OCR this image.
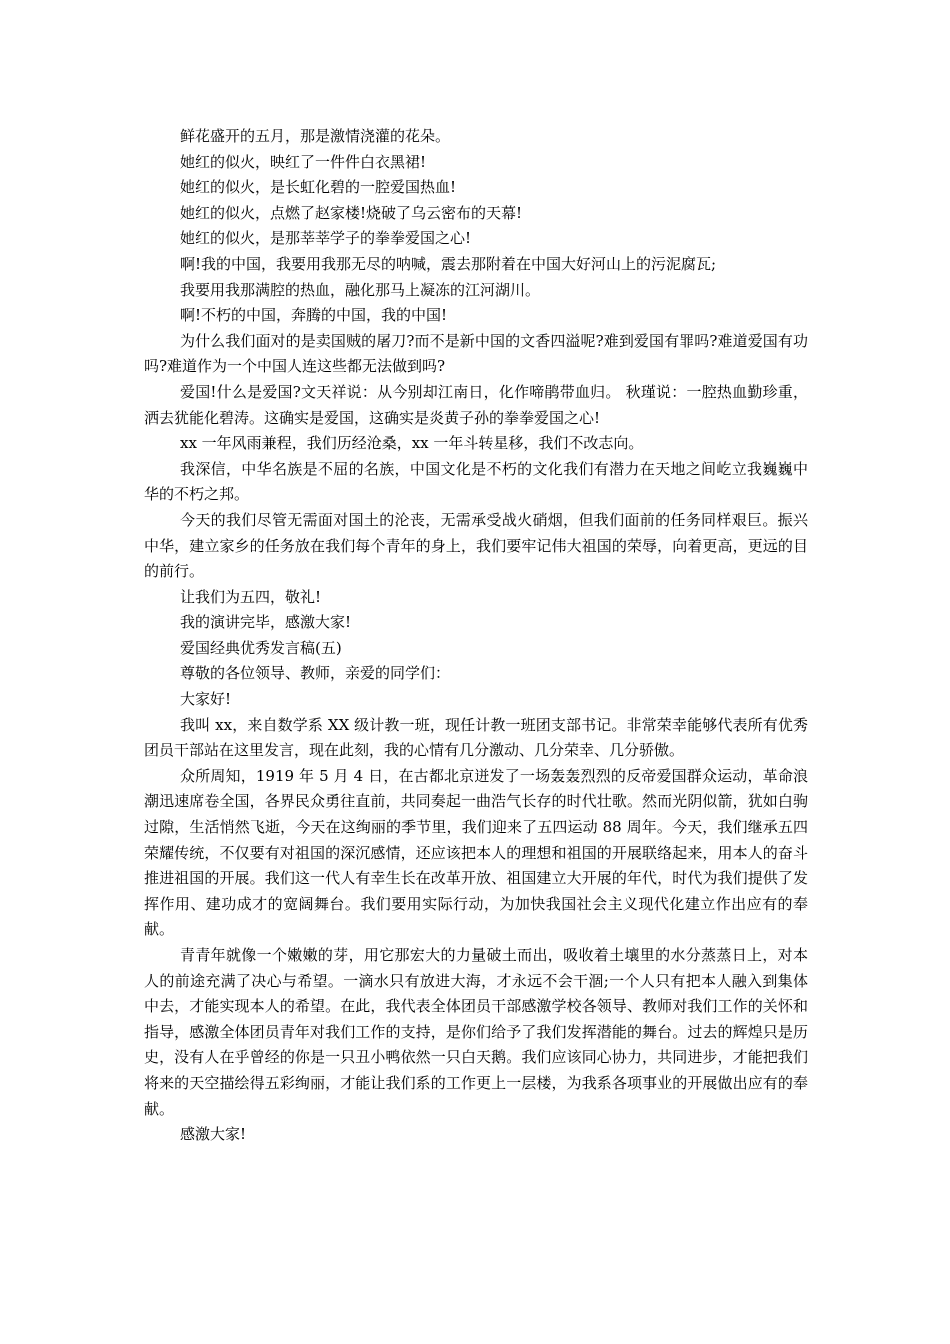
鲜花盛开的五月，那是激情浇灌的花朵。

她红的似火，映红了一件件白衣黑裙!

她红的似火，是长虹化碧的一腔爱国热血!

她红的似火，点燃了赵家楼!烧破了乌云密布的天幕!

她红的似火，是那莘莘学子的拳拳爱国之心!

啊!我的中国，我要用我那无尽的呐喊，震去那附着在中国大好河山上的污泥腐瓦;

我要用我那满腔的热血，融化那马上凝冻的江河湖川。

啊!不朽的中国，奔腾的中国，我的中国!

为什么我们面对的是卖国贼的屠刀?而不是新中国的文香四溢呢?难到爱国有罪吗?难道爱国有功吗?难道作为一个中国人连这些都无法做到吗?

爱国!什么是爱国?文天祥说：从今别却江南日，化作啼鹃带血归。 秋瑾说：一腔热血勤珍重，洒去犹能化碧涛。这确实是爱国，这确实是炎黄子孙的拳拳爱国之心!

xx 一年风雨兼程，我们历经沧桑，xx 一年斗转星移，我们不改志向。

我深信，中华名族是不屈的名族，中国文化是不朽的文化我们有潜力在天地之间屹立我巍巍中华的不朽之邦。

今天的我们尽管无需面对国土的沦丧，无需承受战火硝烟，但我们面前的任务同样艰巨。振兴中华，建立家乡的任务放在我们每个青年的身上，我们要牢记伟大祖国的荣辱，向着更高，更远的目的前行。

让我们为五四，敬礼!

我的演讲完毕，感激大家!

爱国经典优秀发言稿(五)

尊敬的各位领导、教师，亲爱的同学们：

大家好!

我叫 xx，来自数学系 XX 级计教一班，现任计教一班团支部书记。非常荣幸能够代表所有优秀团员干部站在这里发言，现在此刻，我的心情有几分激动、几分荣幸、几分骄傲。

众所周知，1919 年 5 月 4 日，在古都北京迸发了一场轰轰烈烈的反帝爱国群众运动，革命浪潮迅速席卷全国，各界民众勇往直前，共同奏起一曲浩气长存的时代壮歌。然而光阴似箭，犹如白驹过隙，生活悄然飞逝，今天在这绚丽的季节里，我们迎来了五四运动 88 周年。今天，我们继承五四荣耀传统，不仅要有对祖国的深沉感情，还应该把本人的理想和祖国的开展联络起来，用本人的奋斗推进祖国的开展。我们这一代人有幸生长在改革开放、祖国建立大开展的年代，时代为我们提供了发挥作用、建功成才的宽阔舞台。我们要用实际行动，为加快我国社会主义现代化建立作出应有的奉献。

青青年就像一个嫩嫩的芽，用它那宏大的力量破土而出，吸收着土壤里的水分蒸蒸日上，对本人的前途充满了决心与希望。一滴水只有放进大海，才永远不会干涸;一个人只有把本人融入到集体中去，才能实现本人的希望。在此，我代表全体团员干部感激学校各领导、教师对我们工作的关怀和指导，感激全体团员青年对我们工作的支持，是你们给予了我们发挥潜能的舞台。过去的辉煌只是历史，没有人在乎曾经的你是一只丑小鸭依然一只白天鹅。我们应该同心协力，共同进步，才能把我们将来的天空描绘得五彩绚丽，才能让我们系的工作更上一层楼，为我系各项事业的开展做出应有的奉献。

感激大家!
